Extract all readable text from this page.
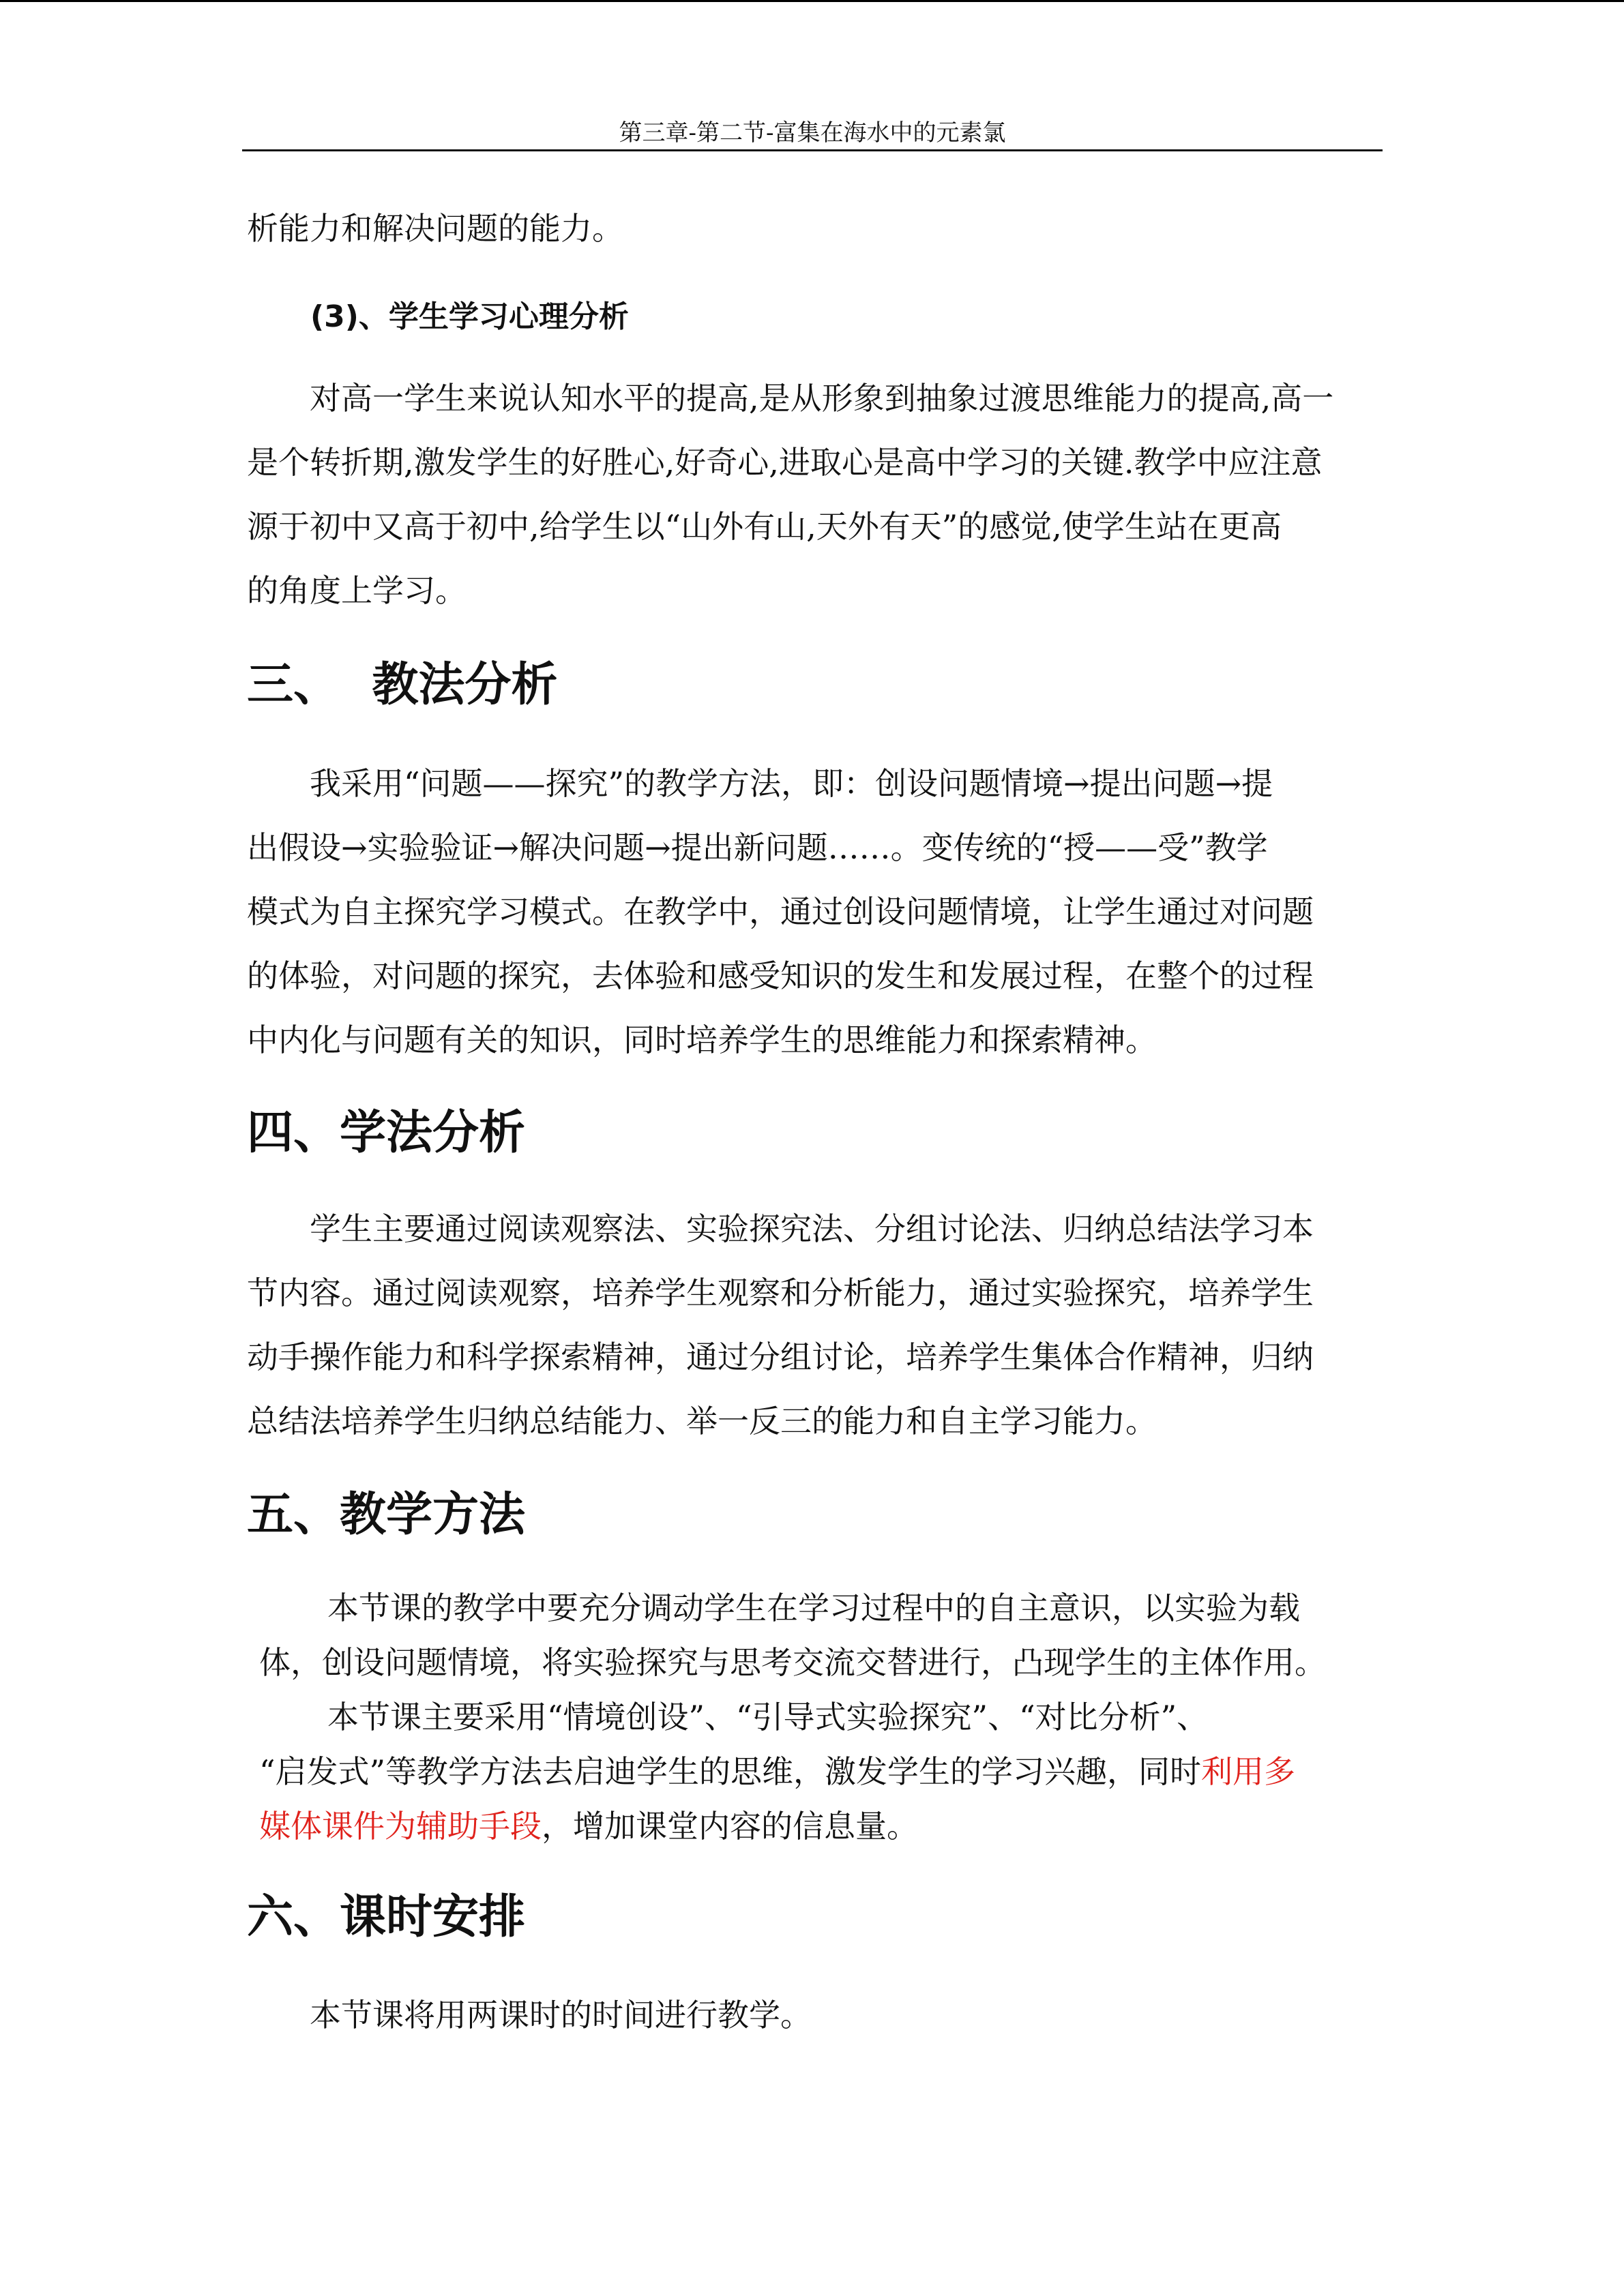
第三章-第二节-富集在海水中的元素氯
析能力和解决问题的能力。
(3)、学生学习心理分析
对高一学生来说认知水平的提高,是从形象到抽象过渡思维能力的提高,高一
是个转折期,激发学生的好胜心,好奇心,进取心是高中学习的关键.教学中应注意
源于初中又高于初中,给学生以“山外有山,天外有天”的感觉,使学生站在更高
的角度上学习。
三、  教法分析
我采用“问题——探究”的教学方法，即：创设问题情境→提出问题→提
出假设→实验验证→解决问题→提出新问题……。变传统的“授——受”教学
模式为自主探究学习模式。在教学中，通过创设问题情境，让学生通过对问题
的体验，对问题的探究，去体验和感受知识的发生和发展过程，在整个的过程
中内化与问题有关的知识，同时培养学生的思维能力和探索精神。
四、学法分析
学生主要通过阅读观察法、实验探究法、分组讨论法、归纳总结法学习本
节内容。通过阅读观察，培养学生观察和分析能力，通过实验探究，培养学生
动手操作能力和科学探索精神，通过分组讨论，培养学生集体合作精神，归纳
总结法培养学生归纳总结能力、举一反三的能力和自主学习能力。
五、教学方法
本节课的教学中要充分调动学生在学习过程中的自主意识，以实验为载
体，创设问题情境，将实验探究与思考交流交替进行，凸现学生的主体作用。
本节课主要采用“情境创设”、“引导式实验探究”、“对比分析”、
“启发式”等教学方法去启迪学生的思维，激发学生的学习兴趣，同时利用多
媒体课件为辅助手段，增加课堂内容的信息量。
六、课时安排
本节课将用两课时的时间进行教学。
